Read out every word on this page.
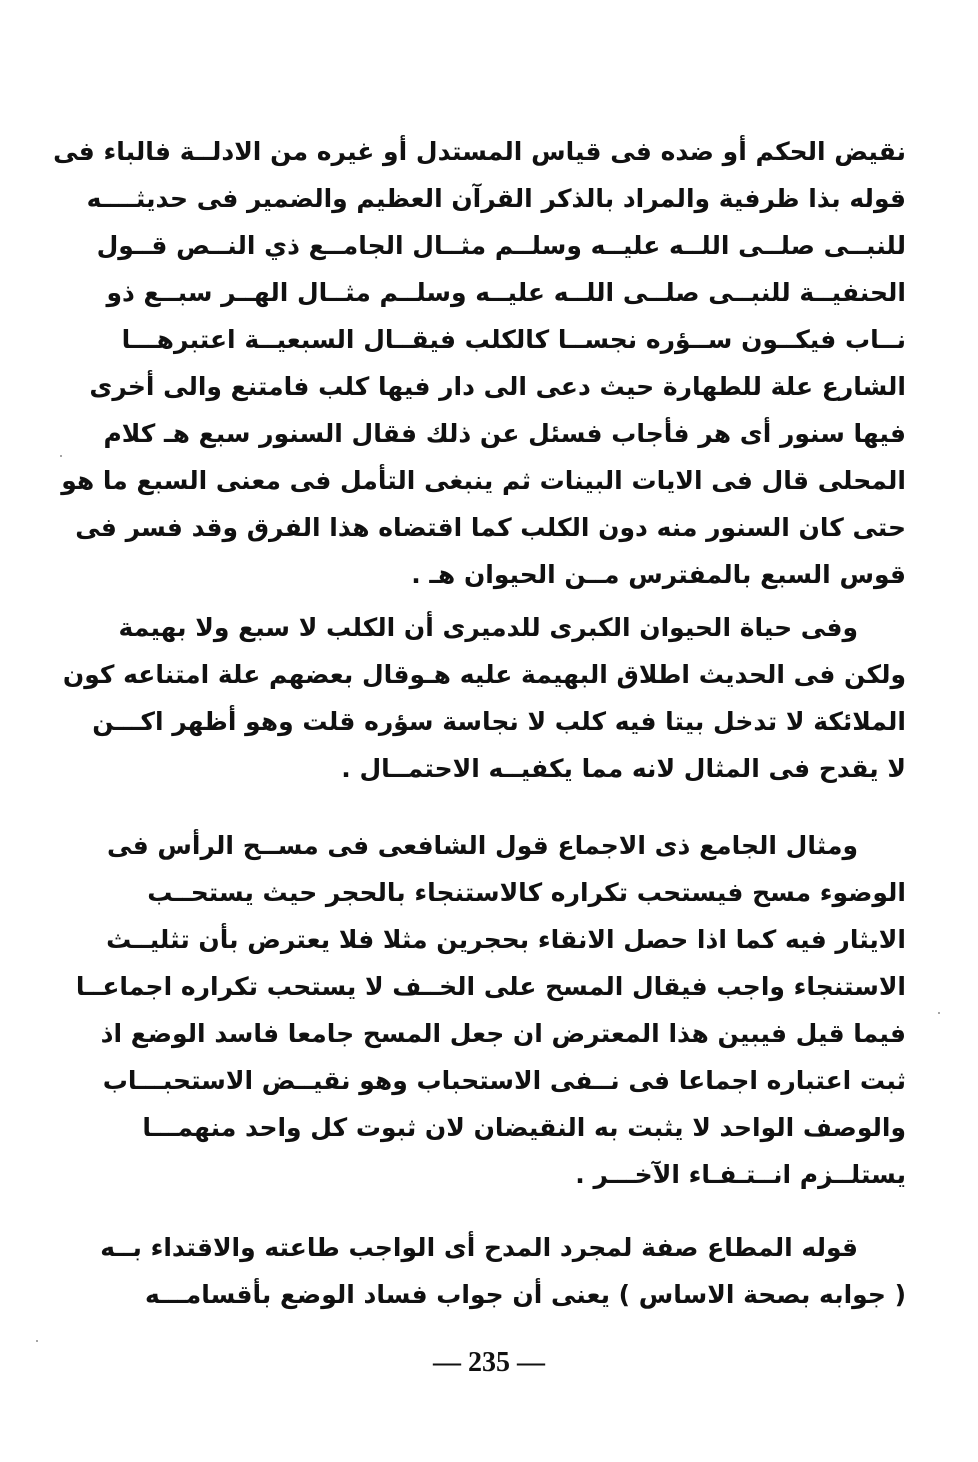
نقيض الحكم أو ضده فى قياس المستدل أو غيره من الادلــة فالباء فى
قوله بذا ظرفية والمراد بالذكر القرآن العظيم والضمير فى حديثــــه
للنبــى صلــى اللــه عليــه وسلــم مثــال الجامــع ذي النــص قــول
الحنفيــة للنبــى صلــى اللــه عليــه وسلــم مثــال الهــر سبــع ذو
نــاب فيكــون ســؤره نجســا كالكلب فيقــال السبعيــة اعتبرهـــا
الشارع علة للطهارة حيث دعى الى دار فيها كلب فامتنع والى أخرى
فيها سنور أى هر فأجاب فسئل عن ذلك فقال السنور سبع هـ كلام
المحلى قال فى الايات البينات ثم ينبغى التأمل فى معنى السبع ما هو
حتى كان السنور منه دون الكلب كما اقتضاه هذا الفرق وقد فسر فى
قوس السبع بالمفترس مــن الحيوان هـ .
وفى حياة الحيوان الكبرى للدميرى أن الكلب لا سبع ولا بهيمة
ولكن فى الحديث اطلاق البهيمة عليه هـوقال بعضهم علة امتناعه كون
الملائكة لا تدخل بيتا فيه كلب لا نجاسة سؤره قلت وهو أظهر اكـــن
لا يقدح فى المثال لانه مما يكفيــه الاحتمــال .
ومثال الجامع ذى الاجماع قول الشافعى فى مســح الرأس فى
الوضوء مسح فيستحب تكراره كالاستنجاء بالحجر حيث يستحــب
الايثار فيه كما اذا حصل الانقاء بحجرين مثلا فلا يعترض بأن تثليــث
الاستنجاء واجب فيقال المسح على الخــف لا يستحب تكراره اجماعــا
فيما قيل فيبين هذا المعترض ان جعل المسح جامعا فاسد الوضع اذ
ثبت اعتباره اجماعا فى نــفى الاستحباب وهو نقيــض الاستحبـــاب
والوصف الواحد لا يثبت به النقيضان لان ثبوت كل واحد منهمـــا
يستلــزم انــتـفـاء الآخـــر .
قوله المطاع صفة لمجرد المدح أى الواجب طاعته والاقتداء بــه
( جوابه بصحة الاساس ) يعنى أن جواب فساد الوضع بأقسامـــه
— 235 —
